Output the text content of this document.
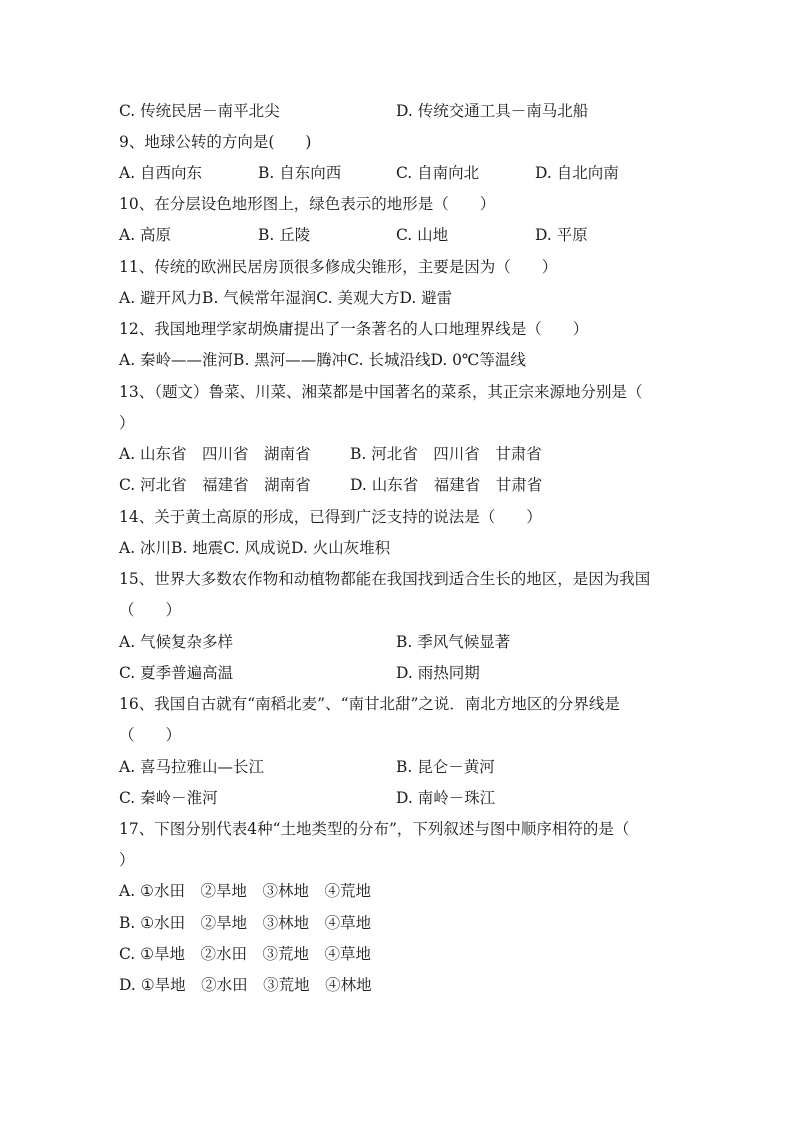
C. 传统民居－南平北尖	D. 传统交通工具－南马北船
9、地球公转的方向是(　　)
A. 自西向东	B. 自东向西	C. 自南向北	D. 自北向南
10、在分层设色地形图上，绿色表示的地形是（　　）
A. 高原	B. 丘陵	C. 山地	D. 平原
11、传统的欧洲民居房顶很多修成尖锥形，主要是因为（　　）
A. 避开风力B. 气候常年湿润C. 美观大方D. 避雷
12、我国地理学家胡焕庸提出了一条著名的人口地理界线是（　　）
A. 秦岭——淮河B. 黑河——腾冲C. 长城沿线D. 0℃等温线
13、（题文）鲁菜、川菜、湘菜都是中国著名的菜系，其正宗来源地分别是（
）
A. 山东省　四川省　湖南省	B. 河北省　四川省　甘肃省
C. 河北省　福建省　湖南省	D. 山东省　福建省　甘肃省
14、关于黄土高原的形成，已得到广泛支持的说法是（　　）
A. 冰川B. 地震C. 风成说D. 火山灰堆积
15、世界大多数农作物和动植物都能在我国找到适合生长的地区，是因为我国
（　　）
A. 气候复杂多样	B. 季风气候显著
C. 夏季普遍高温	D. 雨热同期
16、我国自古就有“南稻北麦”、“南甘北甜”之说．南北方地区的分界线是
（　　）
A. 喜马拉雅山—长江	B. 昆仑－黄河
C. 秦岭－淮河	D. 南岭－珠江
17、下图分别代表4种“土地类型的分布”，下列叙述与图中顺序相符的是（
）
A. ①水田　②旱地　③林地　④荒地
B. ①水田　②旱地　③林地　④草地
C. ①旱地　②水田　③荒地　④草地
D. ①旱地　②水田　③荒地　④林地
